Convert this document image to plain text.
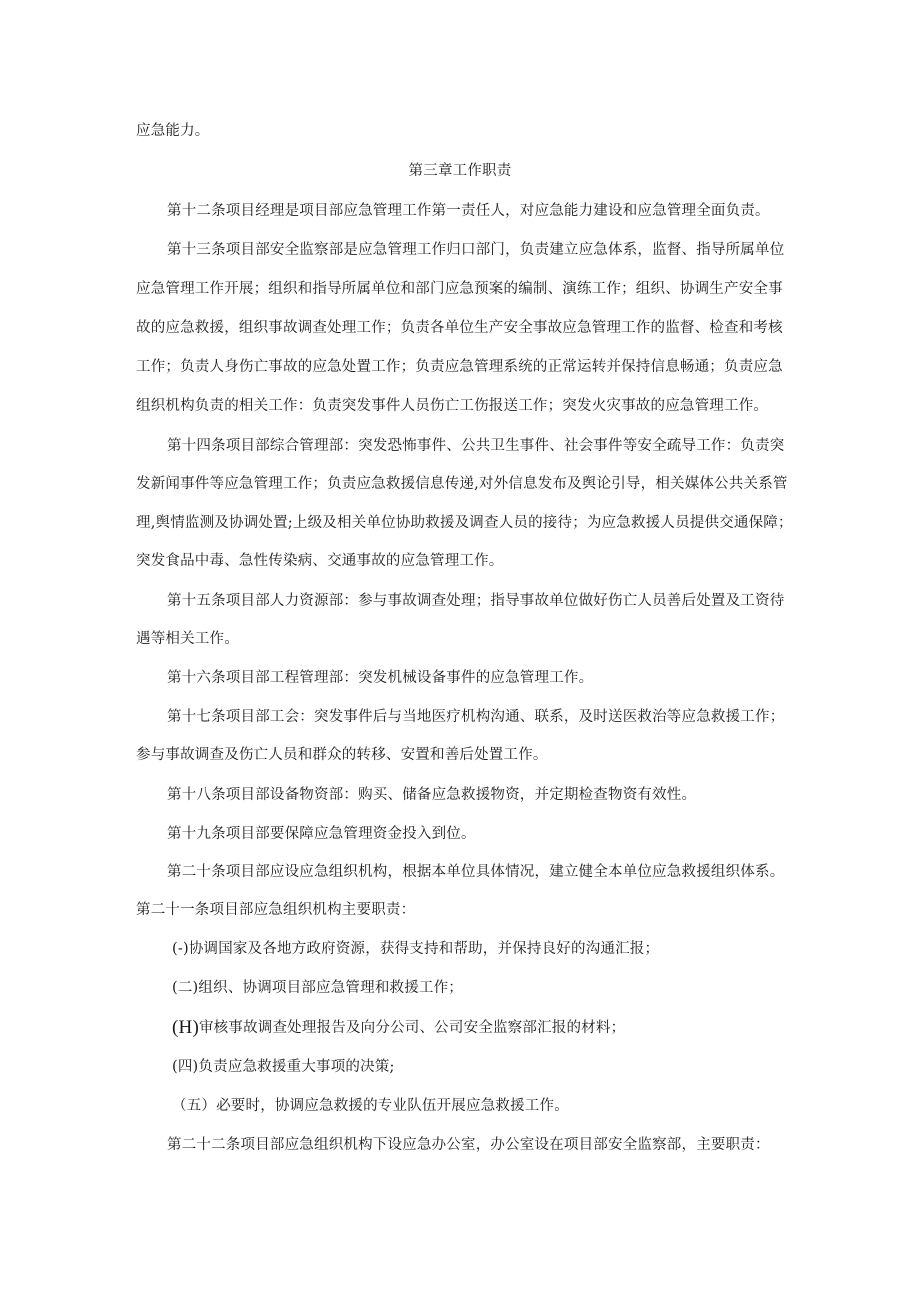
应急能力。
第三章工作职责
第十二条项目经理是项目部应急管理工作第一责任人，对应急能力建设和应急管理全面负责。
第十三条项目部安全监察部是应急管理工作归口部门，负责建立应急体系，监督、指导所属单位
应急管理工作开展；组织和指导所属单位和部门应急预案的编制、演练工作；组织、协调生产安全事
故的应急救援，组织事故调查处理工作；负责各单位生产安全事故应急管理工作的监督、检查和考核
工作；负责人身伤亡事故的应急处置工作；负责应急管理系统的正常运转并保持信息畅通；负责应急
组织机构负责的相关工作：负责突发事件人员伤亡工伤报送工作；突发火灾事故的应急管理工作。
第十四条项目部综合管理部：突发恐怖事件、公共卫生事件、社会事件等安全疏导工作：负责突
发新闻事件等应急管理工作；负责应急救援信息传递,对外信息发布及舆论引导，相关媒体公共关系管
理,舆情监测及协调处置;上级及相关单位协助救援及调查人员的接待；为应急救援人员提供交通保障；
突发食品中毒、急性传染病、交通事故的应急管理工作。
第十五条项目部人力资源部：参与事故调查处理；指导事故单位做好伤亡人员善后处置及工资待
遇等相关工作。
第十六条项目部工程管理部：突发机械设备事件的应急管理工作。
第十七条项目部工会：突发事件后与当地医疗机构沟通、联系，及时送医救治等应急救援工作；
参与事故调查及伤亡人员和群众的转移、安置和善后处置工作。
第十八条项目部设备物资部：购买、储备应急救援物资，并定期检查物资有效性。
第十九条项目部要保障应急管理资金投入到位。
第二十条项目部应设应急组织机构，根据本单位具体情况，建立健全本单位应急救援组织体系。
第二十一条项目部应急组织机构主要职责：
(-)协调国家及各地方政府资源，获得支持和帮助，并保持良好的沟通汇报；
(二)组织、协调项目部应急管理和救援工作；
(H)审核事故调查处理报告及向分公司、公司安全监察部汇报的材料；
(四)负责应急救援重大事项的决策;
（五）必要时，协调应急救援的专业队伍开展应急救援工作。
第二十二条项目部应急组织机构下设应急办公室，办公室设在项目部安全监察部，主要职责：
